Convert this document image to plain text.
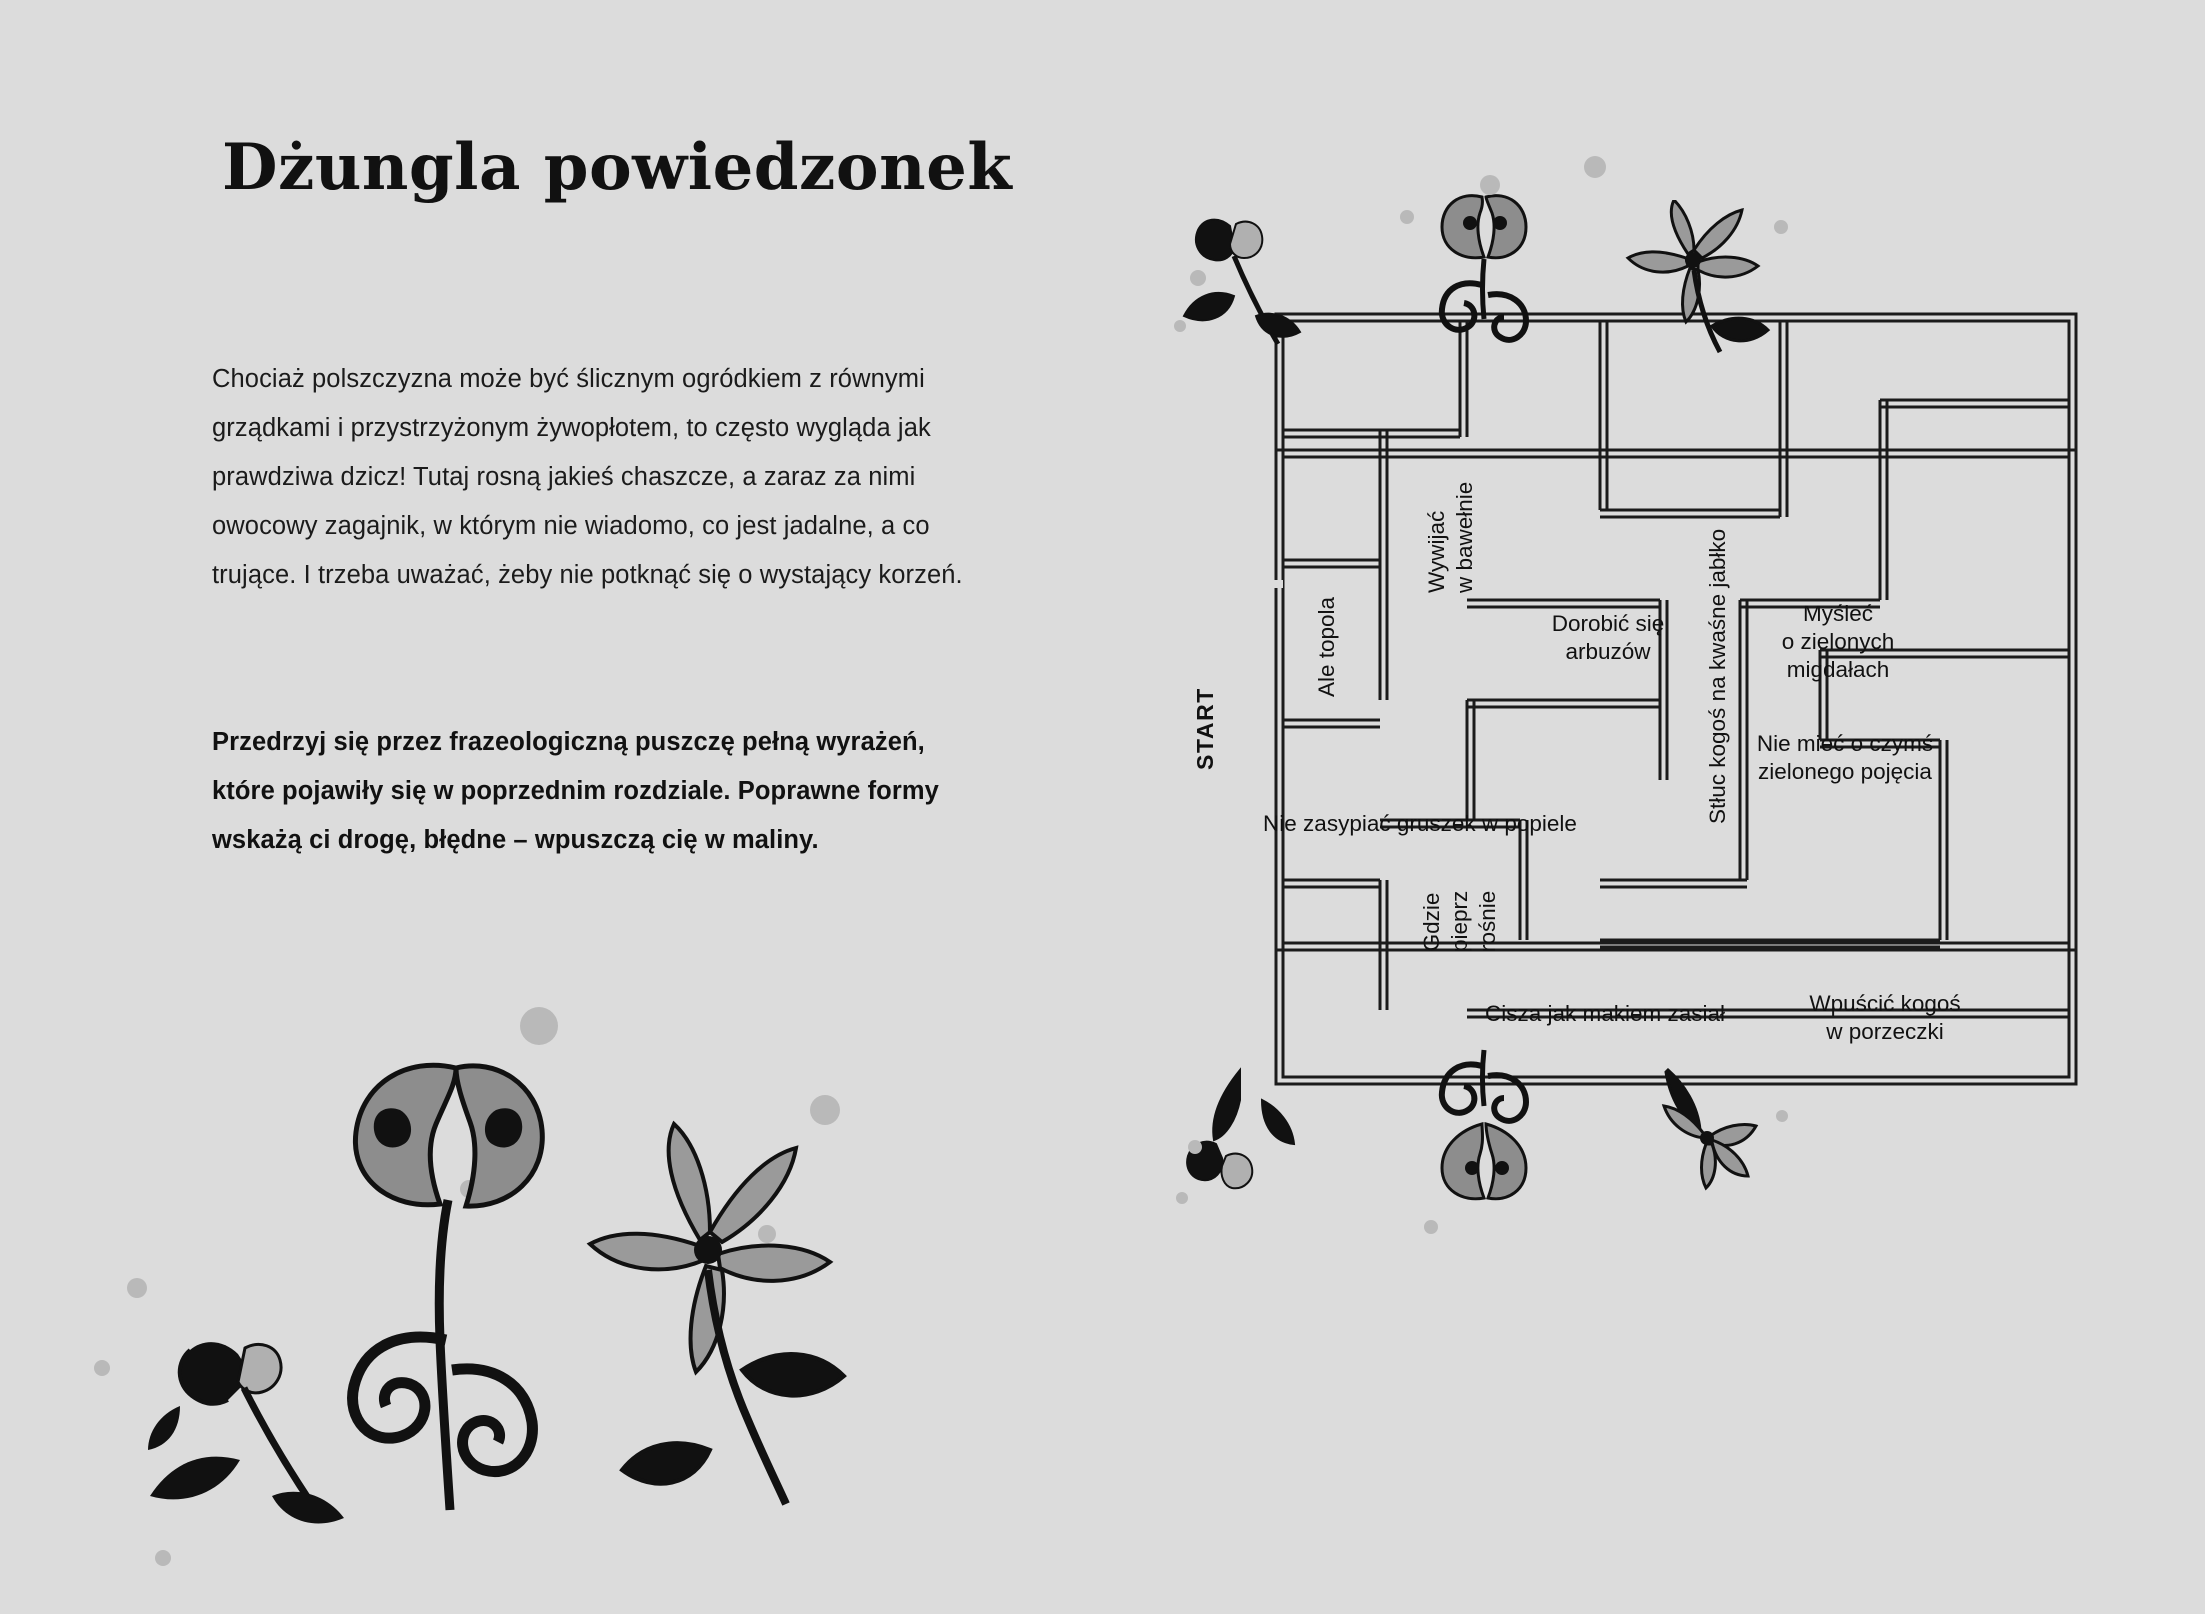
Dżungla powiedzonek
Chociaż polszczyzna może być ślicznym ogródkiem z równymi grządkami i przystrzyżonym żywopłotem, to często wygląda jak prawdziwa dzicz! Tutaj rosną jakieś chaszcze, a zaraz za nimi owocowy zagajnik, w którym nie wiadomo, co jest jadalne, a co trujące. I trzeba uważać, żeby nie potknąć się o wystający korzeń.
Przedrzyj się przez frazeologiczną puszczę pełną wyrażeń, które pojawiły się w poprzednim rozdziale. Poprawne formy wskażą ci drogę, błędne – wpuszczą cię w maliny.
START
Ale topola
Wywijać w bawełnie
Dorobić się
arbuzów
Myśleć
o zielonych
migdałach
Nie mieć o czymś
zielonego pojęcia
Nie zasypiać gruszek w popiele
Gdzie pieprz rośnie
Stłuc kogoś na kwaśne jabłko
Cisza jak makiem zasiał	Wpuścić kogoś
w porzeczki
